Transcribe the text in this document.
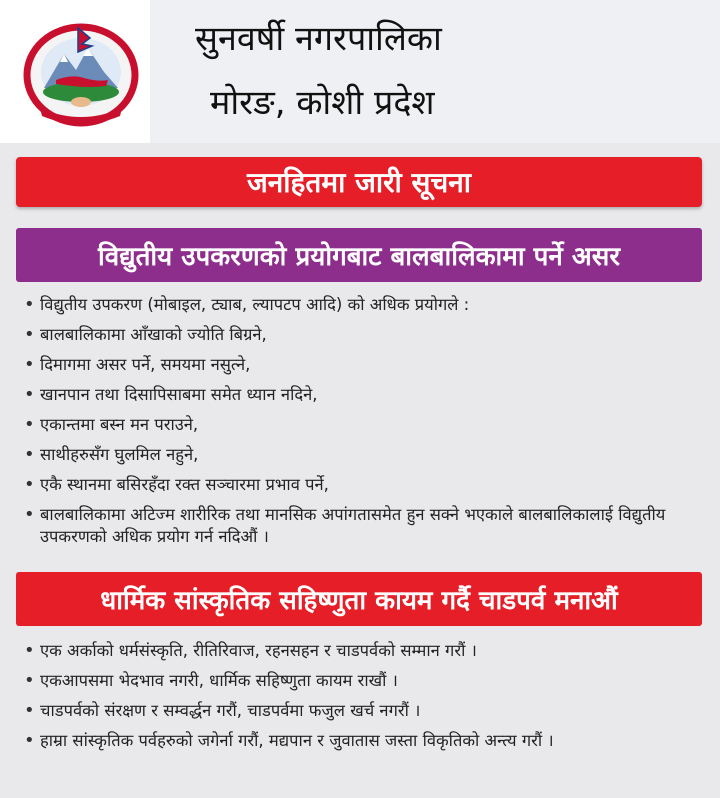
सुनवर्षी नगरपालिका
मोरङ, कोशी प्रदेश
जनहितमा जारी सूचना
विद्युतीय उपकरणको प्रयोगबाट बालबालिकामा पर्ने असर
• विद्युतीय उपकरण (मोबाइल, ट्याब, ल्यापटप आदि) को अधिक प्रयोगले :
• बालबालिकामा आँखाको ज्योति बिग्रने,
• दिमागमा असर पर्ने, समयमा नसुत्ने,
• खानपान तथा दिसापिसाबमा समेत ध्यान नदिने,
• एकान्तमा बस्न मन पराउने,
• साथीहरुसँग घुलमिल नहुने,
• एकै स्थानमा बसिरहँदा रक्त सञ्चारमा प्रभाव पर्ने,
• बालबालिकामा अटिज्म शारीरिक तथा मानसिक अपांगतासमेत हुन सक्ने भएकाले बालबालिकालाई विद्युतीय उपकरणको अधिक प्रयोग गर्न नदिऔं ।
धार्मिक सांस्कृतिक सहिष्णुता कायम गर्दै चाडपर्व मनाऔं
• एक अर्काको धर्मसंस्कृति, रीतिरिवाज, रहनसहन र चाडपर्वको सम्मान गरौं ।
• एकआपसमा भेदभाव नगरी, धार्मिक सहिष्णुता कायम राखौं ।
• चाडपर्वको संरक्षण र सम्वर्द्धन गरौं, चाडपर्वमा फजुल खर्च नगरौं ।
• हाम्रा सांस्कृतिक पर्वहरुको जगेर्ना गरौं, मद्यपान र जुवातास जस्ता विकृतिको अन्त्य गरौं ।
